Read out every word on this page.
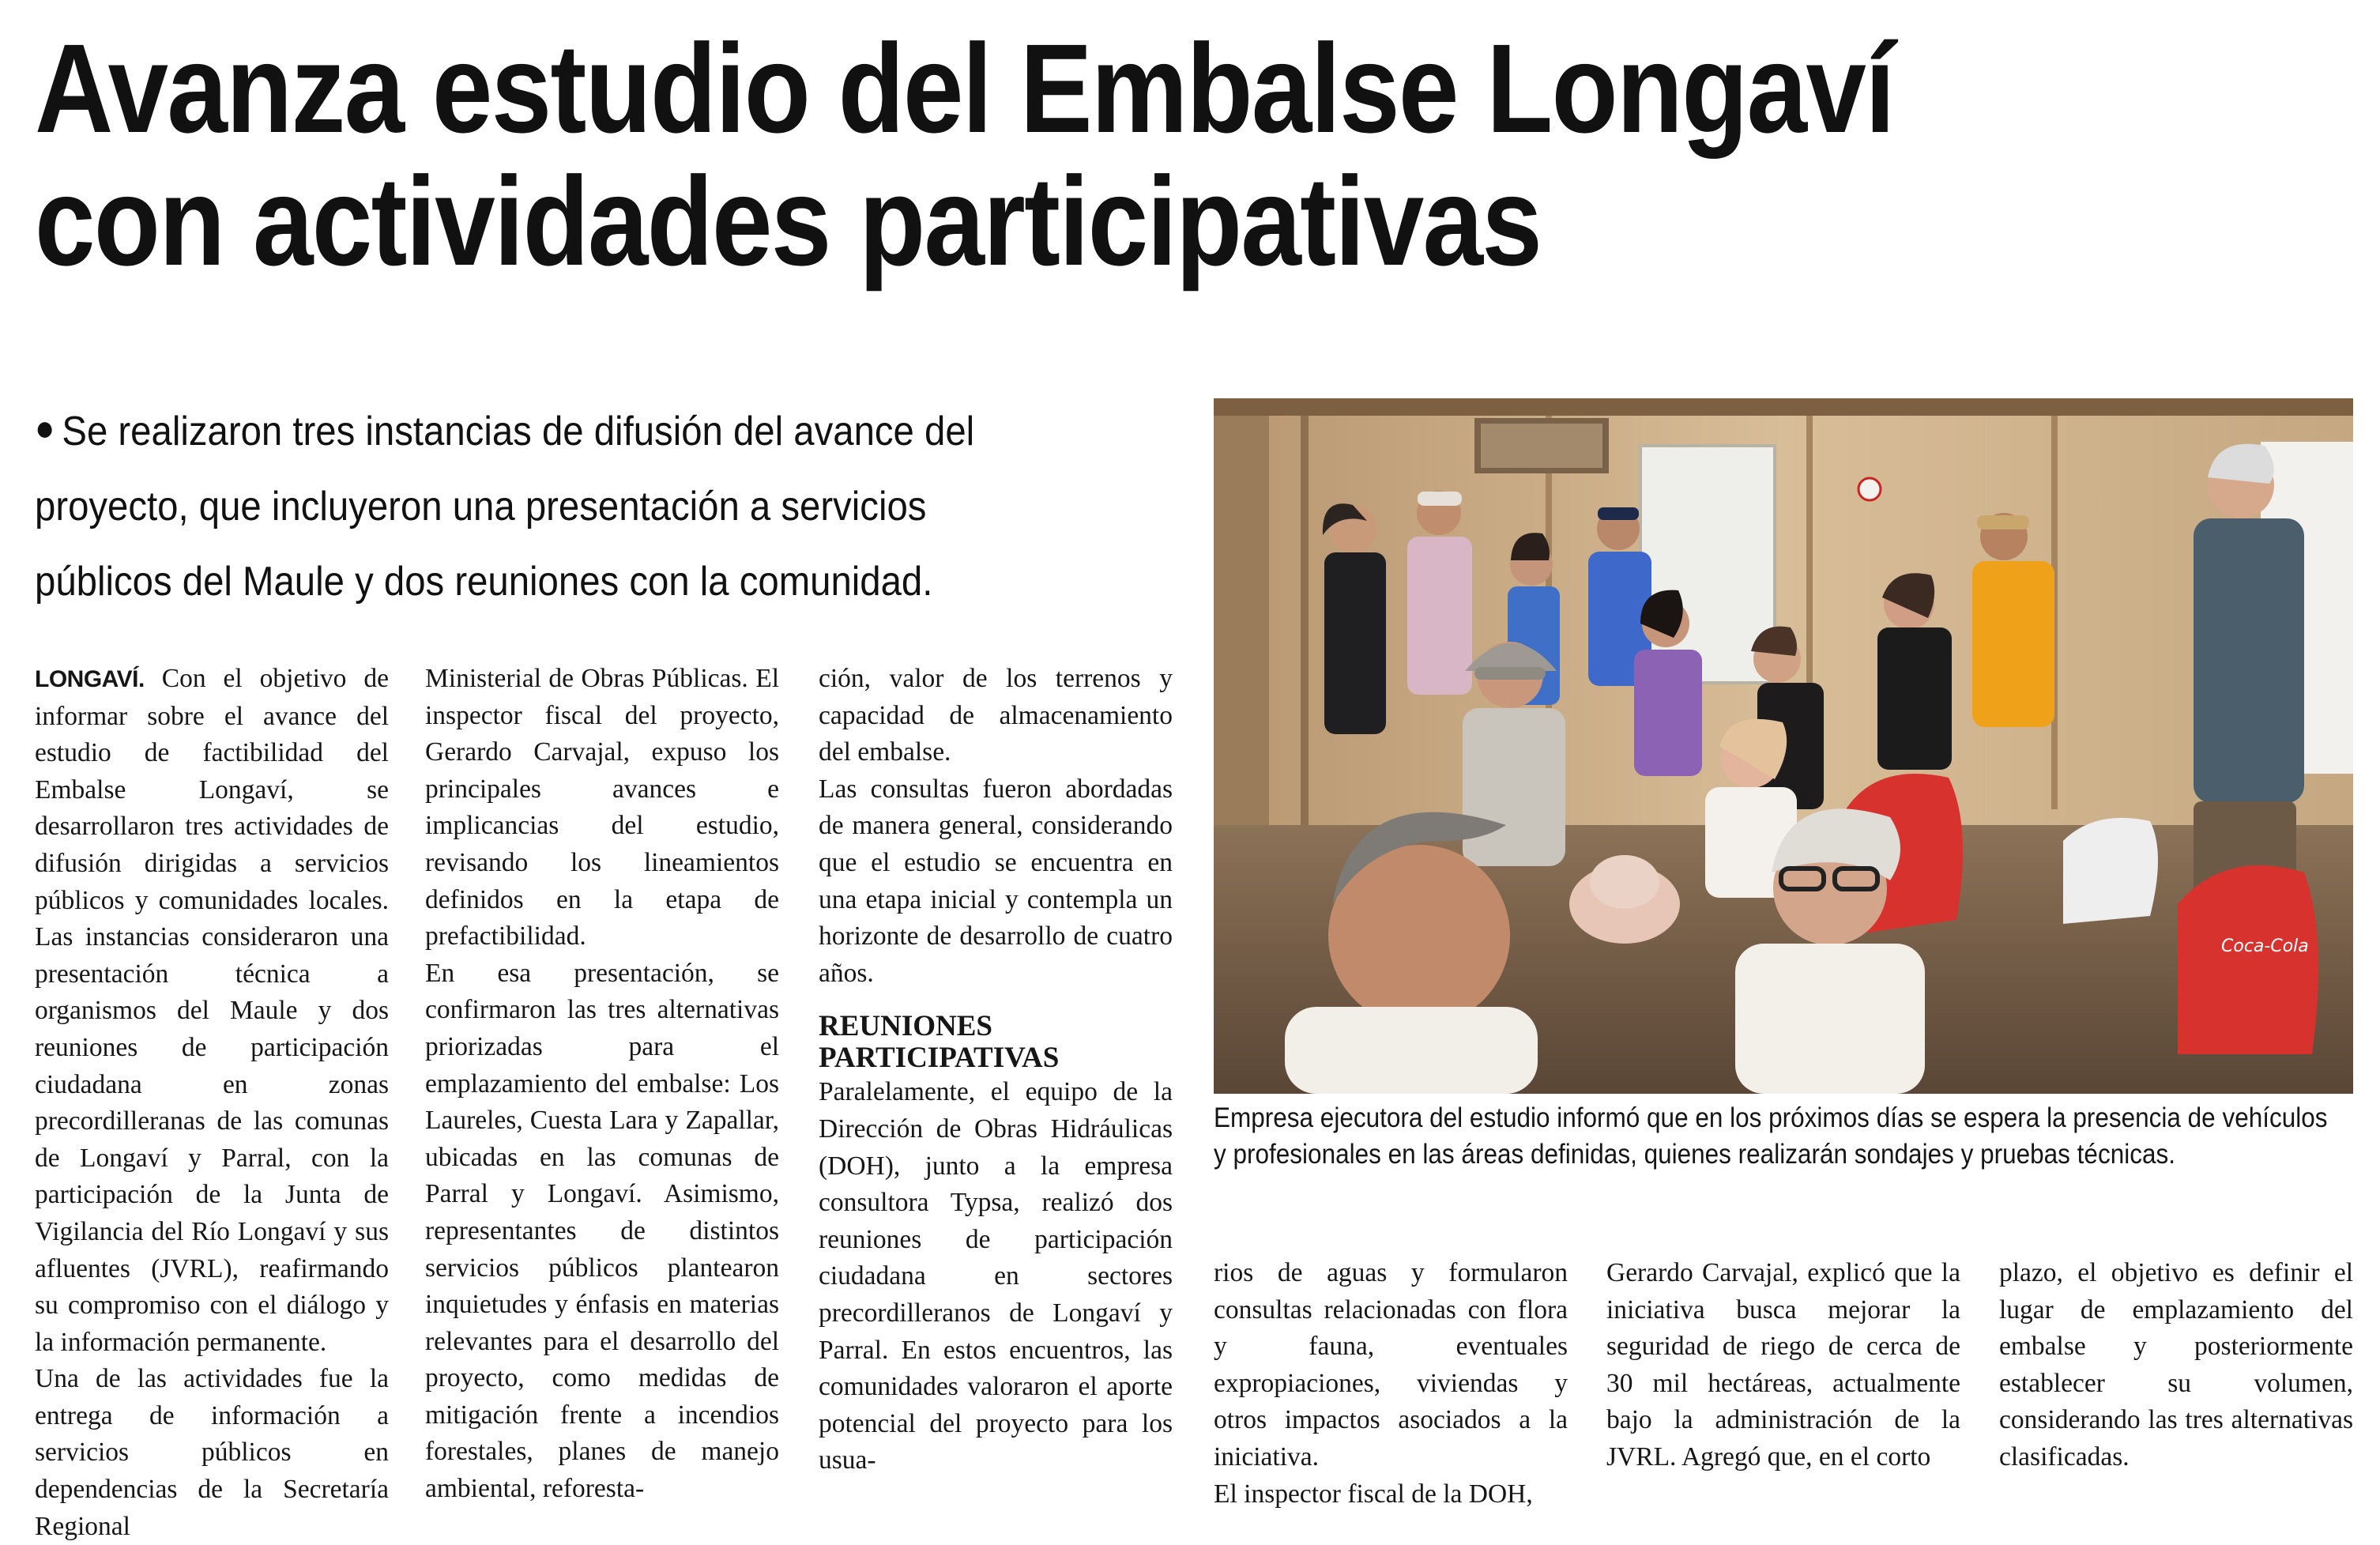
Avanza estudio del Embalse Longaví
con actividades participativas
● Se realizaron tres instancias de difusión del avance del
proyecto, que incluyeron una presentación a servicios
públicos del Maule y dos reuniones con la comunidad.

LONGAVÍ. Con el objetivo de informar sobre el avance del estudio de factibilidad del Embalse Longaví, se desarrollaron tres actividades de difusión dirigidas a servicios públicos y comunidades locales. Las instancias consideraron una presentación técnica a organismos del Maule y dos reuniones de participación ciudadana en zonas precordilleranas de las comunas de Longaví y Parral, con la participación de la Junta de Vigilancia del Río Longaví y sus afluentes (JVRL), reafirmando su compromiso con el diálogo y la información permanente.

Una de las actividades fue la entrega de información a servicios públicos en dependencias de la Secretaría Regional

Ministerial de Obras Públicas. El inspector fiscal del proyecto, Gerardo Carvajal, expuso los principales avances e implicancias del estudio, revisando los lineamientos definidos en la etapa de prefactibilidad.

En esa presentación, se confirmaron las tres alternativas priorizadas para el emplazamiento del embalse: Los Laureles, Cuesta Lara y Zapallar, ubicadas en las comunas de Parral y Longaví. Asimismo, representantes de distintos servicios públicos plantearon inquietudes y énfasis en materias relevantes para el desarrollo del proyecto, como medidas de mitigación frente a incendios forestales, planes de manejo ambiental, reforesta-

ción, valor de los terrenos y capacidad de almacenamiento del embalse.

Las consultas fueron abordadas de manera general, considerando que el estudio se encuentra en una etapa inicial y contempla un horizonte de desarrollo de cuatro años.

REUNIONES
PARTICIPATIVAS

Paralelamente, el equipo de la Dirección de Obras Hidráulicas (DOH), junto a la empresa consultora Typsa, realizó dos reuniones de participación ciudadana en sectores precordilleranos de Longaví y Parral. En estos encuentros, las comunidades valoraron el aporte potencial del proyecto para los usua-

Coca-Cola
Empresa ejecutora del estudio informó que en los próximos días se espera la presencia de vehículos
y profesionales en las áreas definidas, quienes realizarán sondajes y pruebas técnicas.

rios de aguas y formularon consultas relacionadas con flora y fauna, eventuales expropiaciones, viviendas y otros impactos asociados a la iniciativa.

El inspector fiscal de la DOH,

Gerardo Carvajal, explicó que la iniciativa busca mejorar la seguridad de riego de cerca de 30 mil hectáreas, actualmente bajo la administración de la JVRL. Agregó que, en el corto

plazo, el objetivo es definir el lugar de emplazamiento del embalse y posteriormente establecer su volumen, considerando las tres alternativas clasificadas.
